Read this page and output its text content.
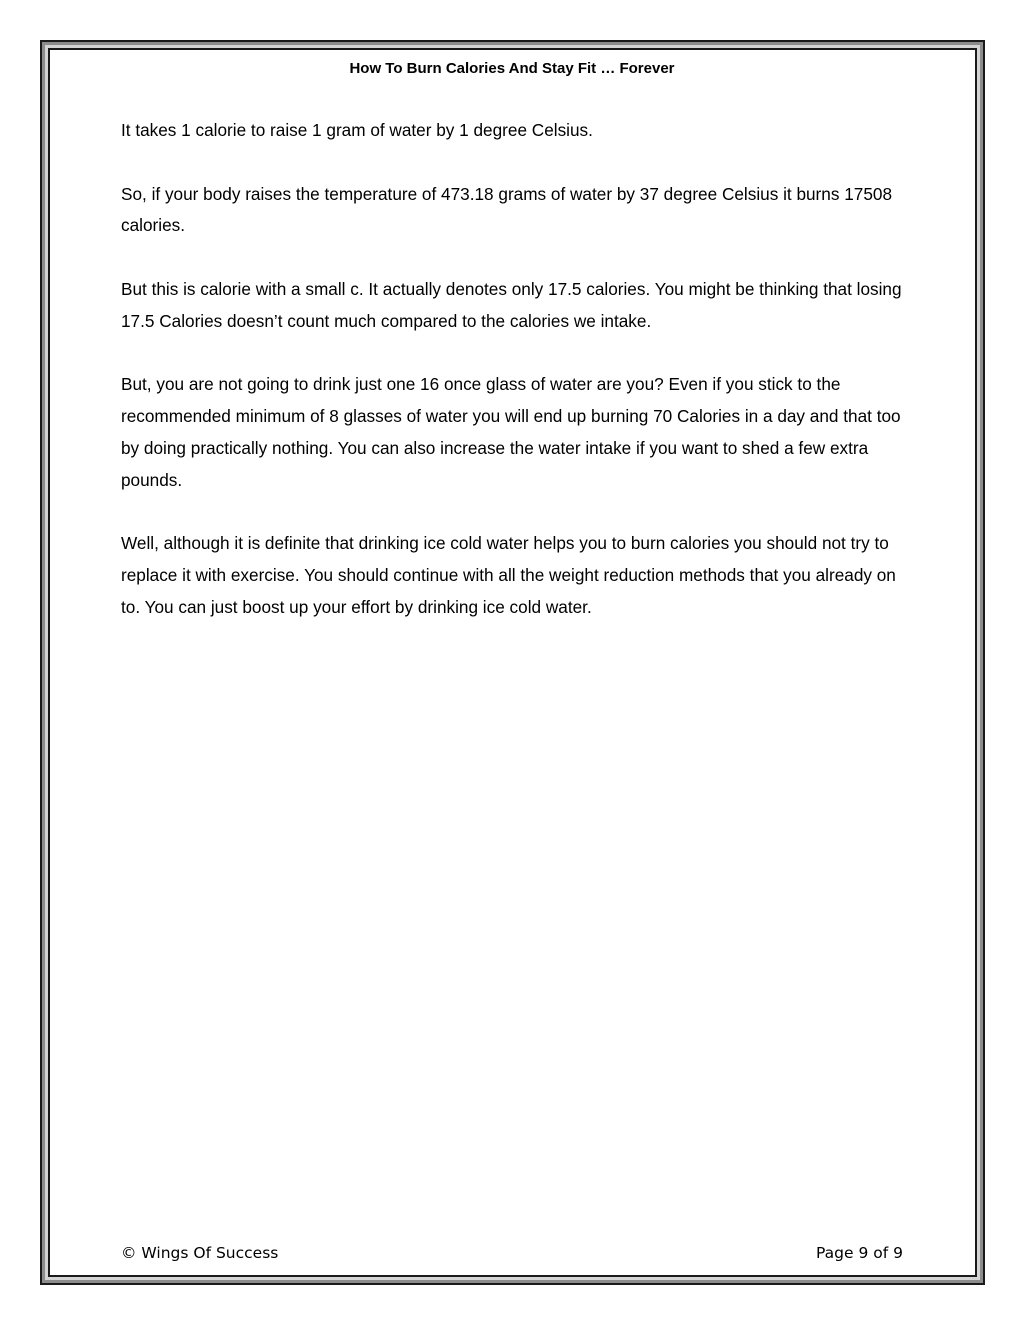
How To Burn Calories And Stay Fit … Forever

It takes 1 calorie to raise 1 gram of water by 1 degree Celsius.

So, if your body raises the temperature of 473.18 grams of water by 37 degree Celsius it burns 17508 calories.

But this is calorie with a small c. It actually denotes only 17.5 calories. You might be thinking that losing 17.5 Calories doesn’t count much compared to the calories we intake.

But, you are not going to drink just one 16 once glass of water are you? Even if you stick to the recommended minimum of 8 glasses of water you will end up burning 70 Calories in a day and that too by doing practically nothing. You can also increase the water intake if you want to shed a few extra pounds.

Well, although it is definite that drinking ice cold water helps you to burn calories you should not try to replace it with exercise. You should continue with all the weight reduction methods that you already on to. You can just boost up your effort by drinking ice cold water.

© Wings Of Success	Page 9 of 9
